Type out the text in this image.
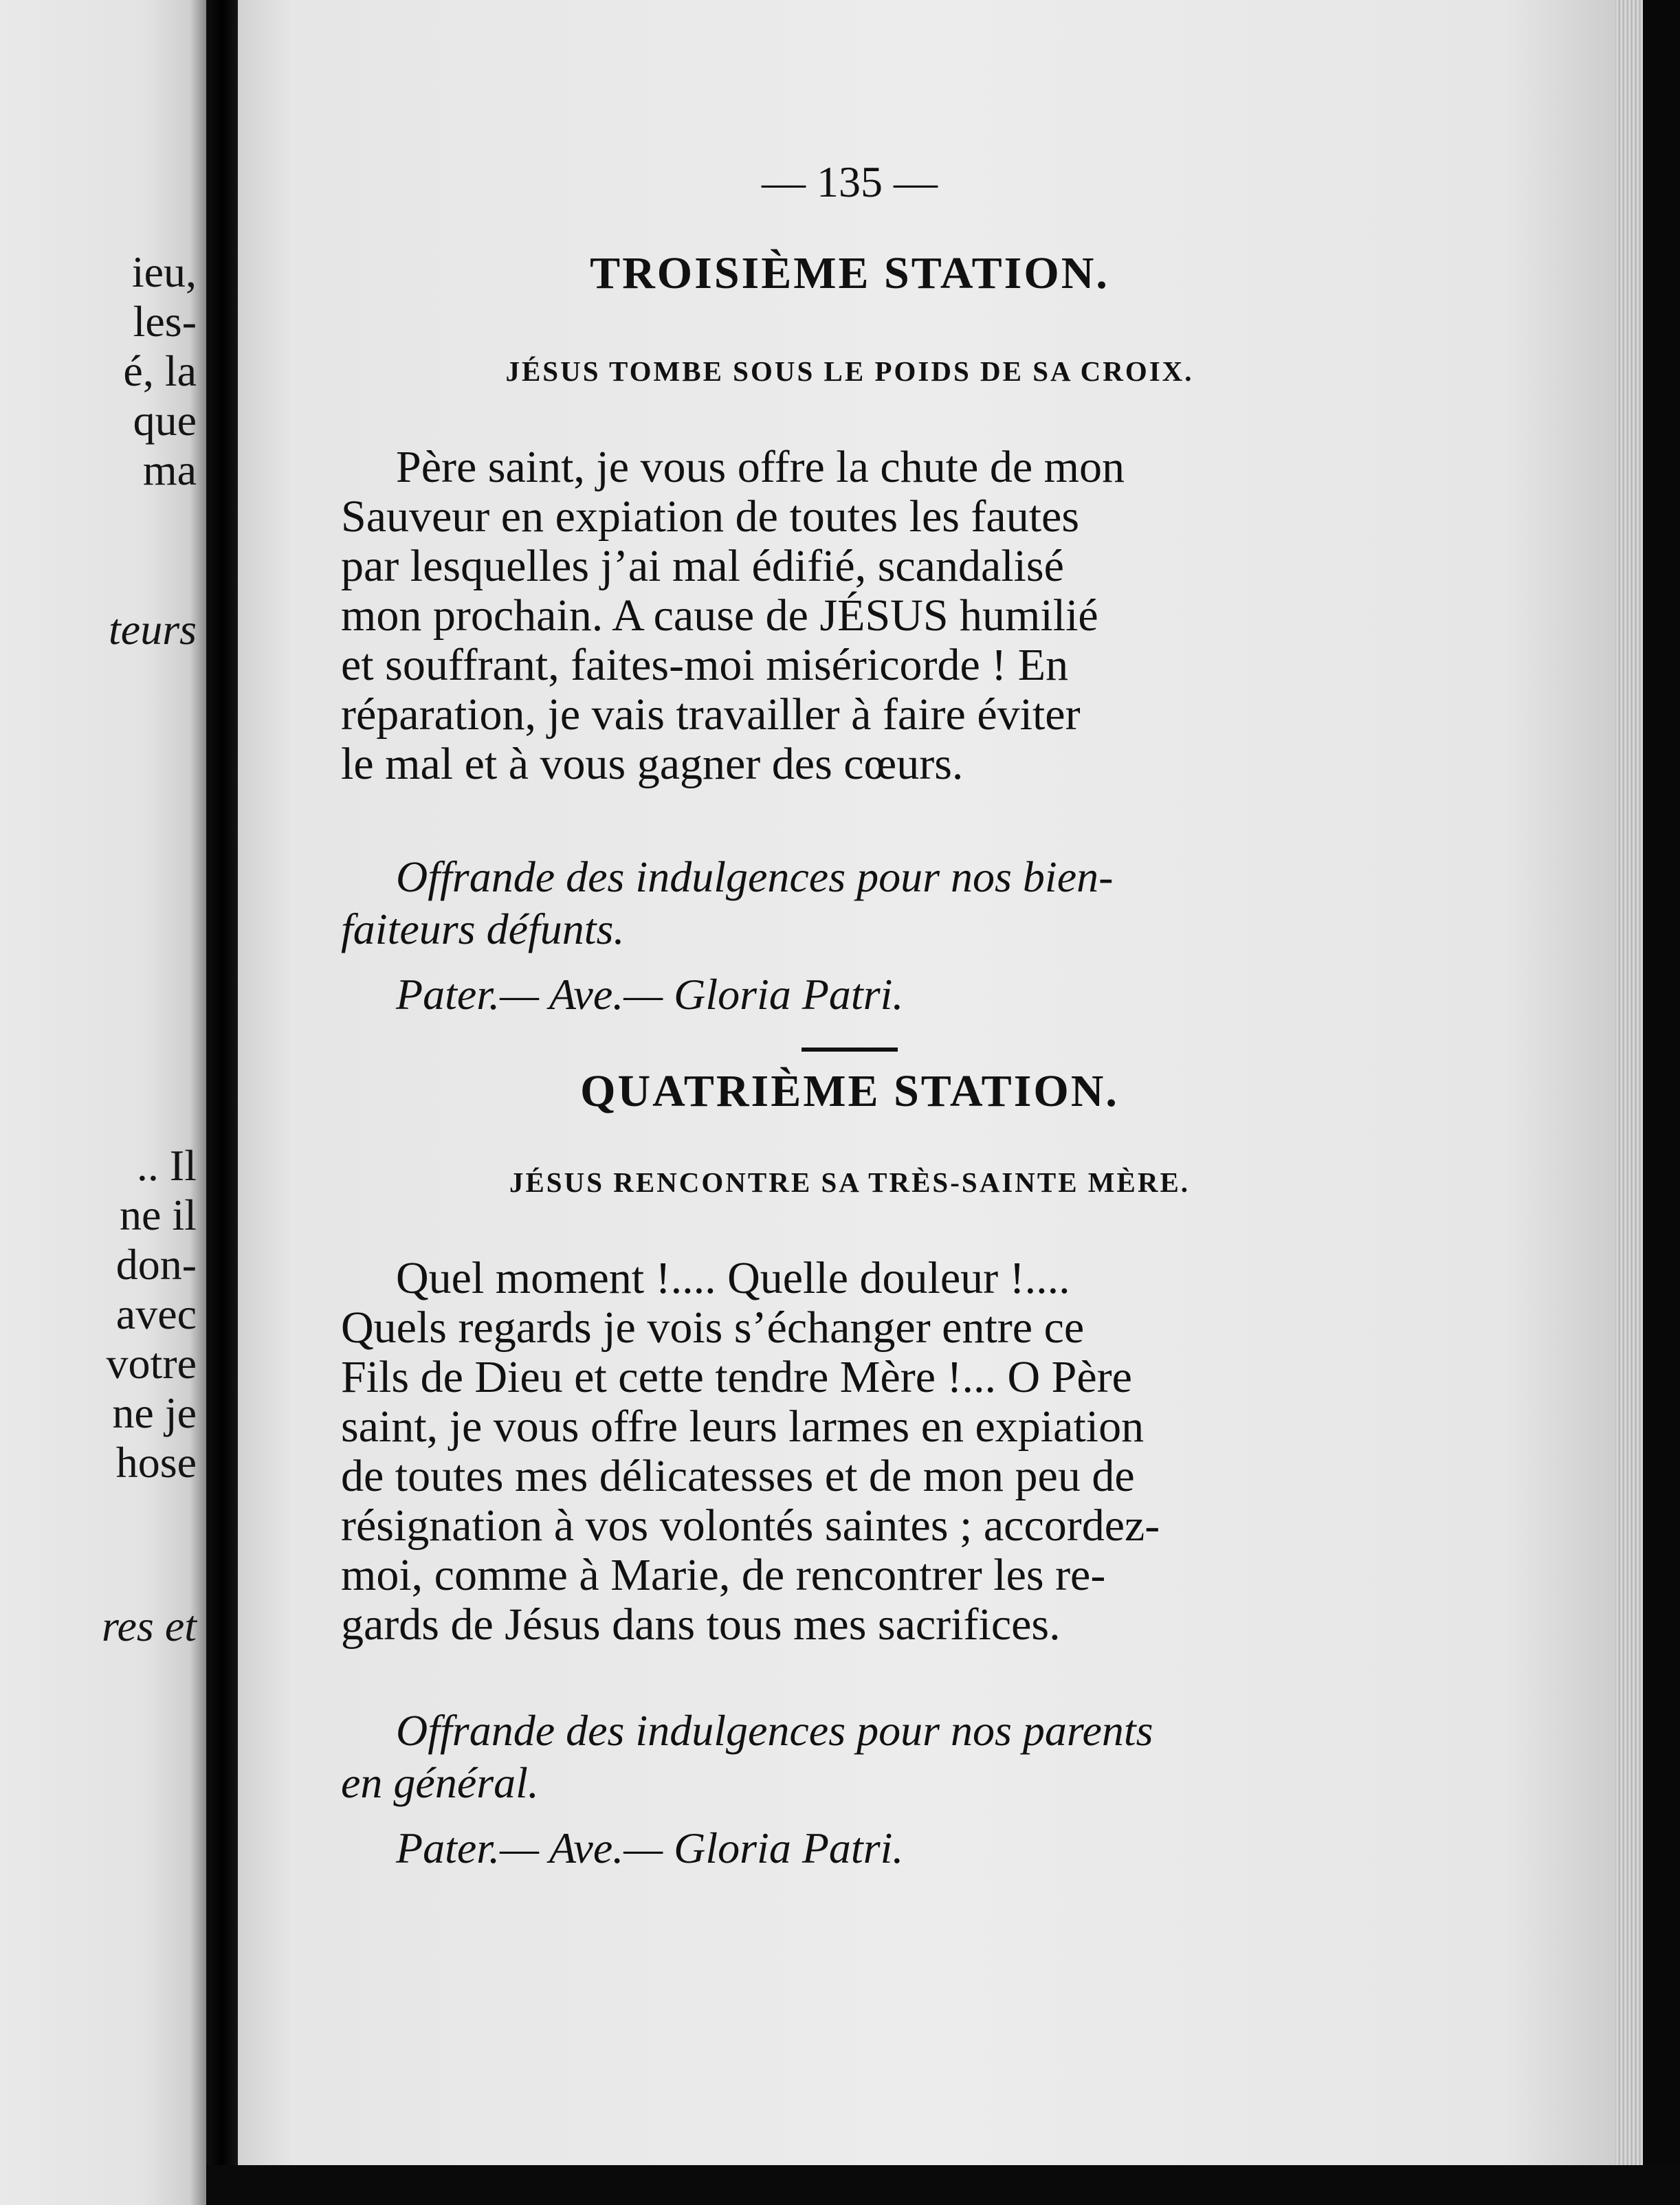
ieu,

les-

é, la

que

ma

teurs

.. Il

ne il

don-

avec

votre

ne je

hose

res et

— 135 —

TROISIÈME STATION.
JÉSUS TOMBE SOUS LE POIDS DE SA CROIX.

Père saint, je vous offre la chute de mon

Sauveur en expiation de toutes les fautes

par lesquelles j’ai mal édifié, scandalisé

mon prochain. A cause de JÉSUS humilié

et souffrant, faites-moi miséricorde ! En

réparation, je vais travailler à faire éviter

le mal et à vous gagner des cœurs.

Offrande des indulgences pour nos bien-

faiteurs défunts.

Pater.— Ave.— Gloria Patri.

QUATRIÈME STATION.
JÉSUS RENCONTRE SA TRÈS-SAINTE MÈRE.

Quel moment !.... Quelle douleur !....

Quels regards je vois s’échanger entre ce

Fils de Dieu et cette tendre Mère !... O Père

saint, je vous offre leurs larmes en expiation

de toutes mes délicatesses et de mon peu de

résignation à vos volontés saintes ; accordez-

moi, comme à Marie, de rencontrer les re-

gards de Jésus dans tous mes sacrifices.

Offrande des indulgences pour nos parents

en général.

Pater.— Ave.— Gloria Patri.
